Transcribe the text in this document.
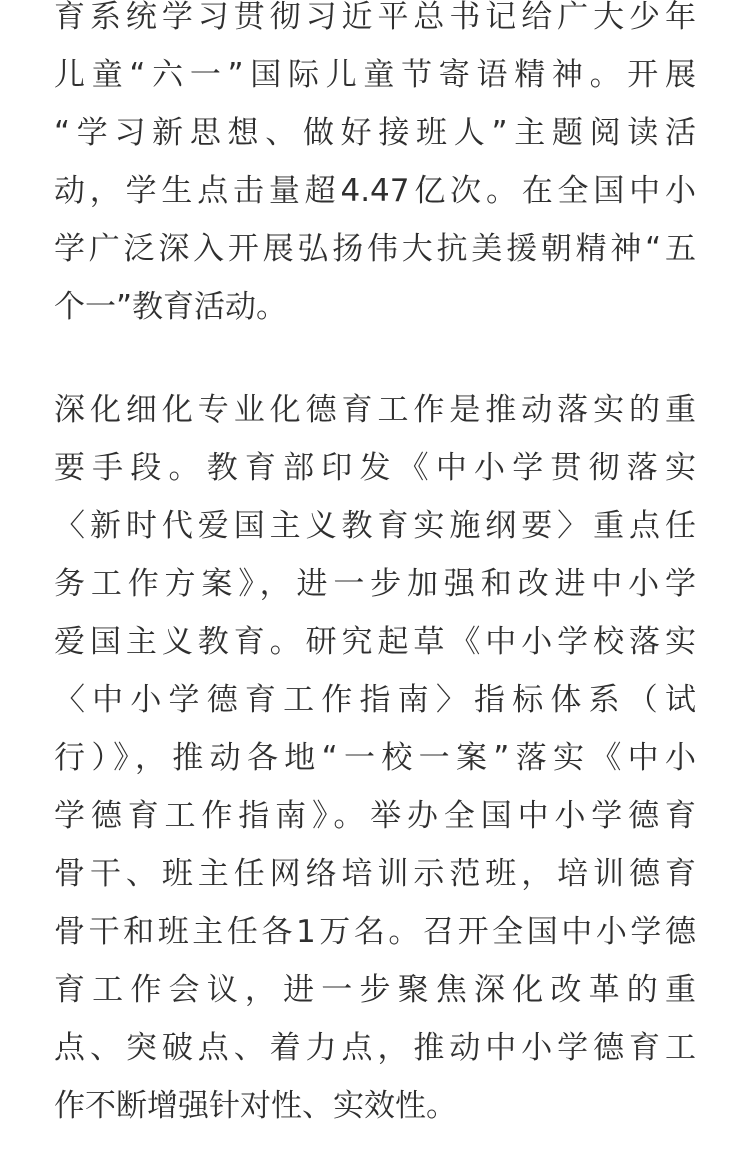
育系统学习贯彻习近平总书记给广大少年
儿童“六一”国际儿童节寄语精神。开展
“学习新思想、做好接班人”主题阅读活
动，学生点击量超4.47亿次。在全国中小
学广泛深入开展弘扬伟大抗美援朝精神“五
个一”教育活动。
深化细化专业化德育工作是推动落实的重
要手段。教育部印发《中小学贯彻落实
〈新时代爱国主义教育实施纲要〉重点任
务工作方案》，进一步加强和改进中小学
爱国主义教育。研究起草《中小学校落实
〈中小学德育工作指南〉指标体系（试
行）》，推动各地“一校一案”落实《中小
学德育工作指南》。举办全国中小学德育
骨干、班主任网络培训示范班，培训德育
骨干和班主任各1万名。召开全国中小学德
育工作会议，进一步聚焦深化改革的重
点、突破点、着力点，推动中小学德育工
作不断增强针对性、实效性。
